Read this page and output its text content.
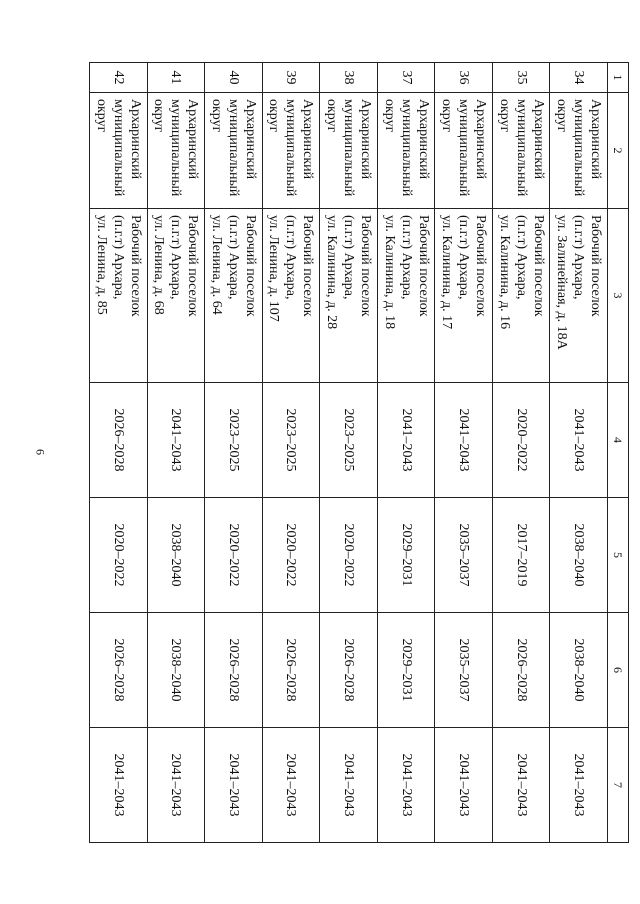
6
1	2	3	4	5	6	7
34	Архаринский
муниципальный
округ	Рабочий поселок
(п.г.т) Архара,
ул. Залинейная, д. 18А	2041–2043	2038–2040	2038–2040	2041–2043
35	Архаринский
муниципальный
округ	Рабочий поселок
(п.г.т) Архара,
ул. Калинина, д. 16	2020–2022	2017–2019	2026–2028	2041–2043
36	Архаринский
муниципальный
округ	Рабочий поселок
(п.г.т) Архара,
ул. Калинина, д. 17	2041–2043	2035–2037	2035–2037	2041–2043
37	Архаринский
муниципальный
округ	Рабочий поселок
(п.г.т) Архара,
ул. Калинина, д. 18	2041–2043	2029–2031	2029–2031	2041–2043
38	Архаринский
муниципальный
округ	Рабочий поселок
(п.г.т) Архара,
ул. Калинина, д. 28	2023–2025	2020–2022	2026–2028	2041–2043
39	Архаринский
муниципальный
округ	Рабочий поселок
(п.г.т) Архара,
ул. Ленина, д. 107	2023–2025	2020–2022	2026–2028	2041–2043
40	Архаринский
муниципальный
округ	Рабочий поселок
(п.г.т) Архара,
ул. Ленина, д. 64	2023–2025	2020–2022	2026–2028	2041–2043
41	Архаринский
муниципальный
округ	Рабочий поселок
(п.г.т) Архара,
ул. Ленина, д. 68	2041–2043	2038–2040	2038–2040	2041–2043
42	Архаринский
муниципальный
округ	Рабочий поселок
(п.г.т) Архара,
ул. Ленина, д. 85	2026–2028	2020–2022	2026–2028	2041–2043
